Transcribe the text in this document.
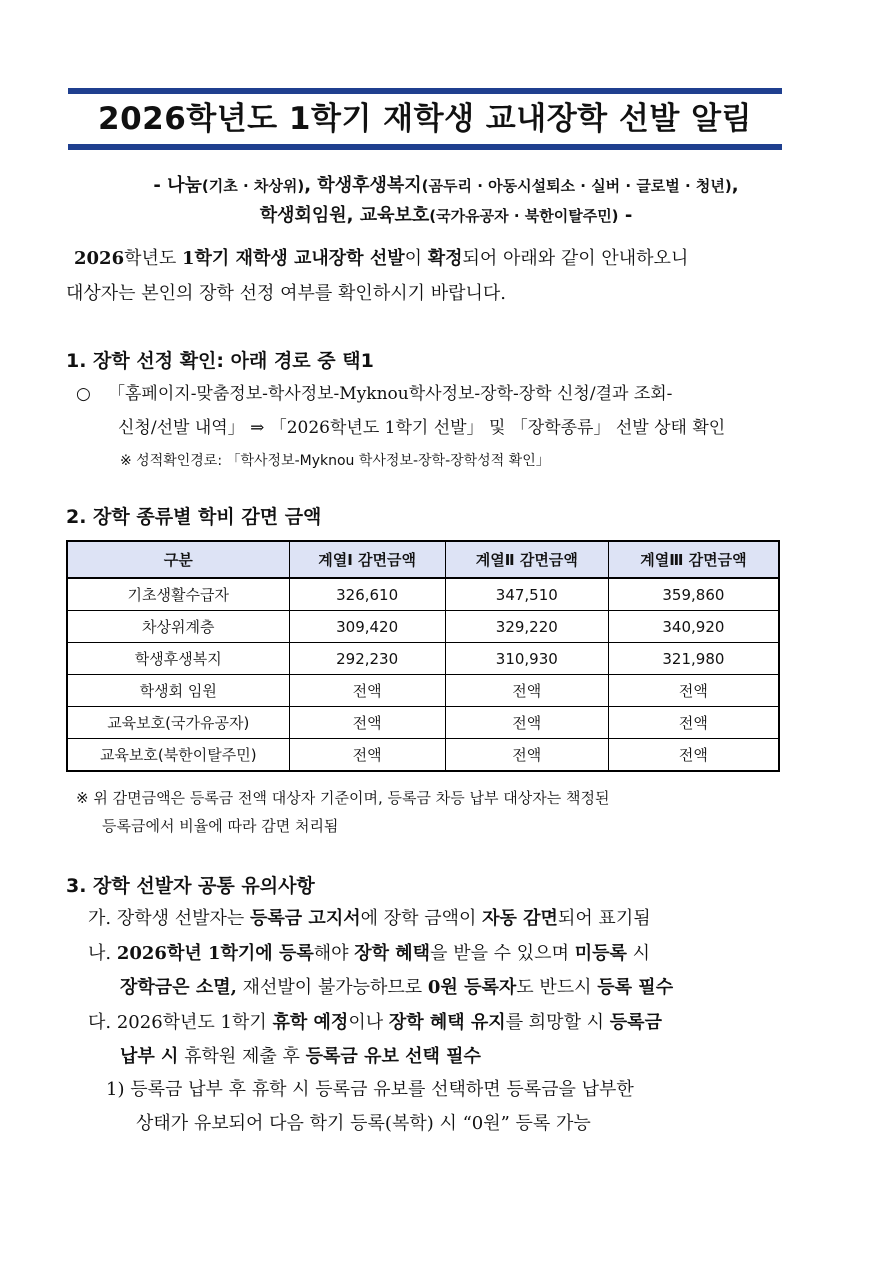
2026학년도 1학기 재학생 교내장학 선발 알림
- 나눔(기초 · 차상위), 학생후생복지(곰두리 · 아동시설퇴소 · 실버 · 글로벌 · 청년),
학생회임원, 교육보호(국가유공자 · 북한이탈주민) -
2026학년도 1학기 재학생 교내장학 선발이 확정되어 아래와 같이 안내하오니
대상자는 본인의 장학 선정 여부를 확인하시기 바랍니다.
1. 장학 선정 확인: 아래 경로 중 택1
○ 「홈페이지-맞춤정보-학사정보-Myknou학사정보-장학-장학 신청/결과 조회-
신청/선발 내역」 ⇒ 「2026학년도 1학기 선발」 및 「장학종류」 선발 상태 확인
※ 성적확인경로: 「학사정보-Myknou 학사정보-장학-장학성적 확인」
2. 장학 종류별 학비 감면 금액
구분	계열Ⅰ 감면금액	계열Ⅱ 감면금액	계열Ⅲ 감면금액
기초생활수급자	326,610	347,510	359,860
차상위계층	309,420	329,220	340,920
학생후생복지	292,230	310,930	321,980
학생회 임원	전액	전액	전액
교육보호(국가유공자)	전액	전액	전액
교육보호(북한이탈주민)	전액	전액	전액
※ 위 감면금액은 등록금 전액 대상자 기준이며, 등록금 차등 납부 대상자는 책정된
등록금에서 비율에 따라 감면 처리됨
3. 장학 선발자 공통 유의사항
가. 장학생 선발자는 등록금 고지서에 장학 금액이 자동 감면되어 표기됨
나. 2026학년 1학기에 등록해야 장학 혜택을 받을 수 있으며 미등록 시
장학금은 소멸, 재선발이 불가능하므로 0원 등록자도 반드시 등록 필수
다. 2026학년도 1학기 휴학 예정이나 장학 혜택 유지를 희망할 시 등록금
납부 시 휴학원 제출 후 등록금 유보 선택 필수
1) 등록금 납부 후 휴학 시 등록금 유보를 선택하면 등록금을 납부한
상태가 유보되어 다음 학기 등록(복학) 시 “0원” 등록 가능
